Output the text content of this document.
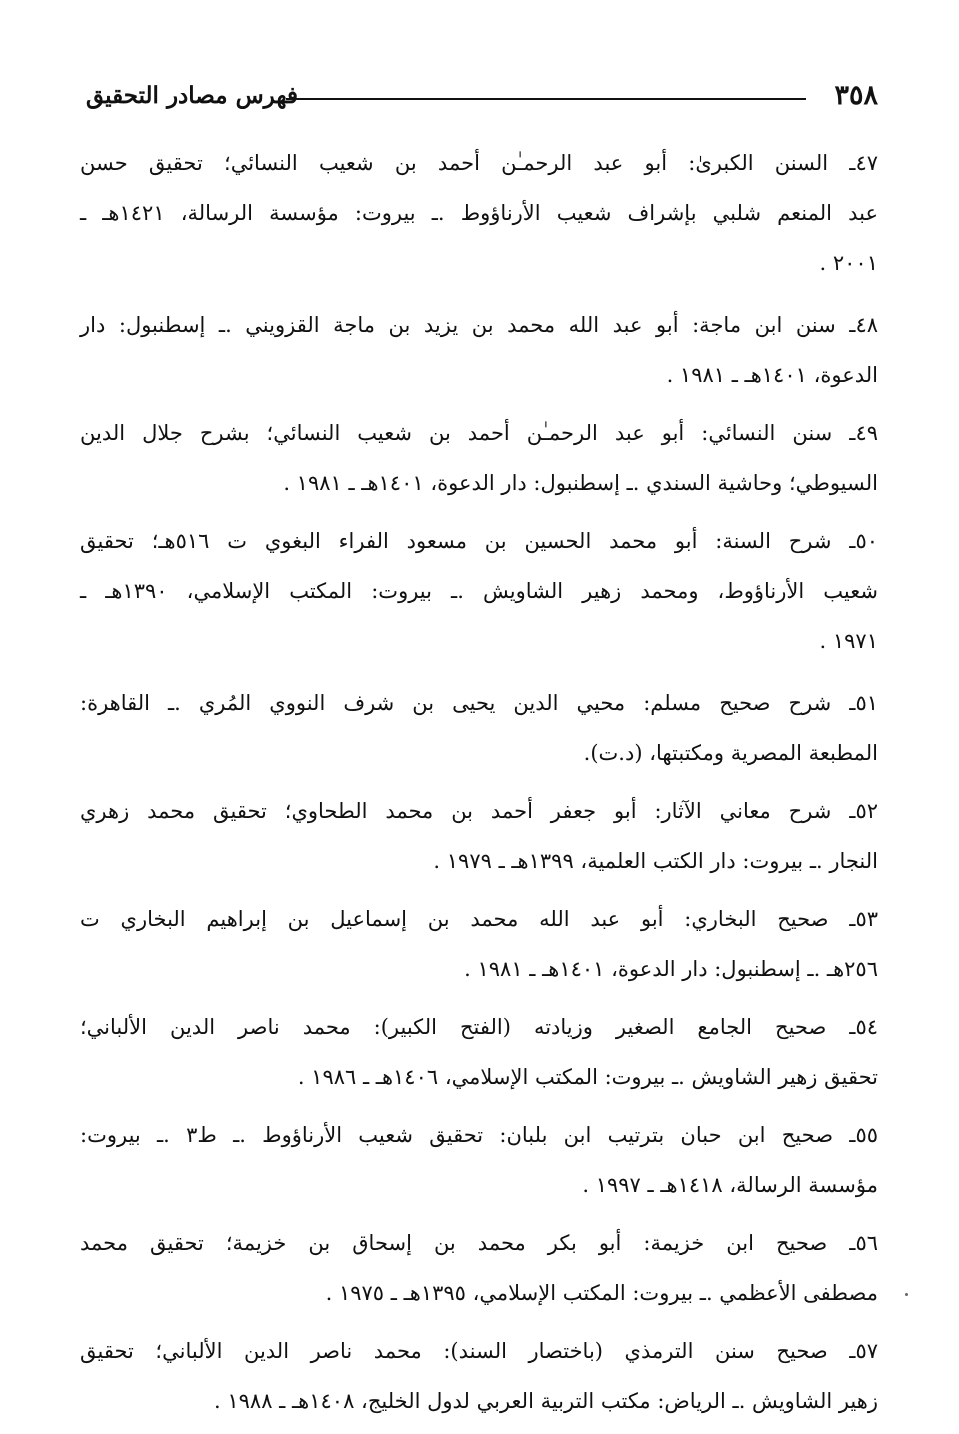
٣٥٨
فهرس مصادر التحقيق
٤٧ـ السنن الكبرىٰ: أبو عبد الرحمـٰن أحمد بن شعيب النسائي؛ تحقيق حسن
عبد المنعم شلبي بإشراف شعيب الأرناؤوط .ـ بيروت: مؤسسة الرسالة، ١٤٢١هـ ـ
٢٠٠١ .
٤٨ـ سنن ابن ماجة: أبو عبد الله محمد بن يزيد بن ماجة القزويني .ـ إسطنبول: دار
الدعوة، ١٤٠١هـ ـ ١٩٨١ .
٤٩ـ سنن النسائي: أبو عبد الرحمـٰن أحمد بن شعيب النسائي؛ بشرح جلال الدين
السيوطي؛ وحاشية السندي .ـ إسطنبول: دار الدعوة، ١٤٠١هـ ـ ١٩٨١ .
٥٠ـ شرح السنة: أبو محمد الحسين بن مسعود الفراء البغوي ت ٥١٦هـ؛ تحقيق
شعيب الأرناؤوط، ومحمد زهير الشاويش .ـ بيروت: المكتب الإسلامي، ١٣٩٠هـ ـ
١٩٧١ .
٥١ـ شرح صحيح مسلم: محيي الدين يحيى بن شرف النووي المُري .ـ القاهرة:
المطبعة المصرية ومكتبتها، (د.ت).
٥٢ـ شرح معاني الآثار: أبو جعفر أحمد بن محمد الطحاوي؛ تحقيق محمد زهري
النجار .ـ بيروت: دار الكتب العلمية، ١٣٩٩هـ ـ ١٩٧٩ .
٥٣ـ صحيح البخاري: أبو عبد الله محمد بن إسماعيل بن إبراهيم البخاري ت
٢٥٦هـ .ـ إسطنبول: دار الدعوة، ١٤٠١هـ ـ ١٩٨١ .
٥٤ـ صحيح الجامع الصغير وزيادته (الفتح الكبير): محمد ناصر الدين الألباني؛
تحقيق زهير الشاويش .ـ بيروت: المكتب الإسلامي، ١٤٠٦هـ ـ ١٩٨٦ .
٥٥ـ صحيح ابن حبان بترتيب ابن بلبان: تحقيق شعيب الأرناؤوط .ـ ط٣ .ـ بيروت:
مؤسسة الرسالة، ١٤١٨هـ ـ ١٩٩٧ .
٥٦ـ صحيح ابن خزيمة: أبو بكر محمد بن إسحاق بن خزيمة؛ تحقيق محمد
مصطفى الأعظمي .ـ بيروت: المكتب الإسلامي، ١٣٩٥هـ ـ ١٩٧٥ .
٥٧ـ صحيح سنن الترمذي (باختصار السند): محمد ناصر الدين الألباني؛ تحقيق
زهير الشاويش .ـ الرياض: مكتب التربية العربي لدول الخليج، ١٤٠٨هـ ـ ١٩٨٨ .
